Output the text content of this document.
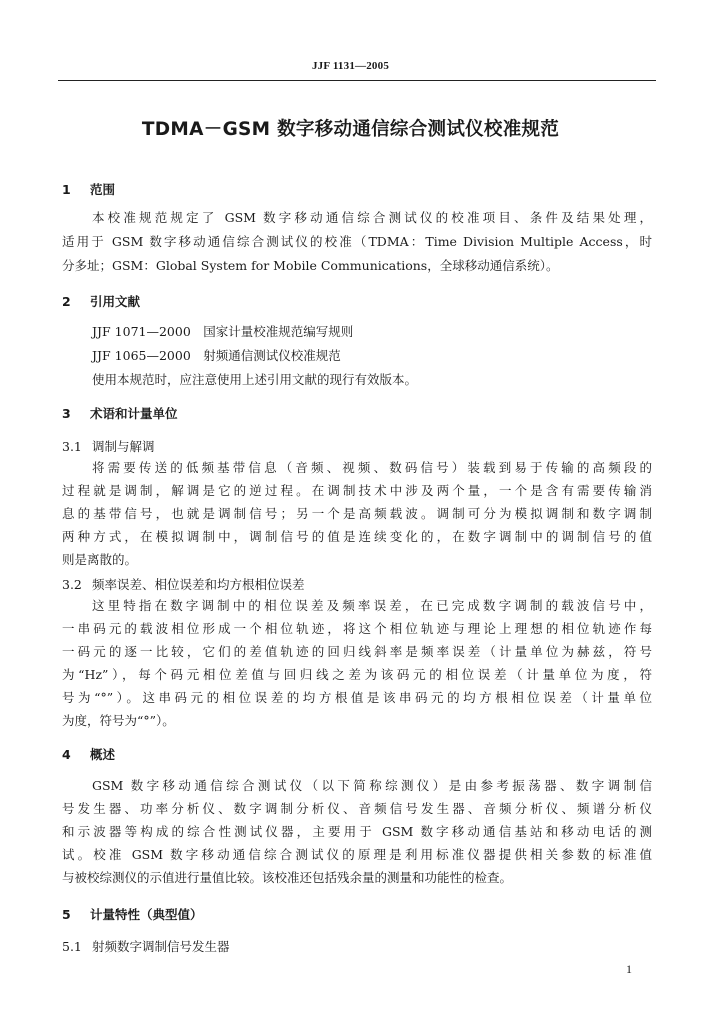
JJF 1131—2005
TDMA－GSM 数字移动通信综合测试仪校准规范
1 范围
本校准规范规定了 GSM 数字移动通信综合测试仪的校准项目、条件及结果处理，
适用于 GSM 数字移动通信综合测试仪的校准（TDMA：Time Division Multiple Access，时
分多址；GSM：Global System for Mobile Communications，全球移动通信系统）。
2 引用文献
JJF 1071—2000　国家计量校准规范编写规则
JJF 1065—2000　射频通信测试仪校准规范
使用本规范时，应注意使用上述引用文献的现行有效版本。
3 术语和计量单位
3.1 调制与解调
将需要传送的低频基带信息（音频、视频、数码信号）装载到易于传输的高频段的
过程就是调制，解调是它的逆过程。在调制技术中涉及两个量，一个是含有需要传输消
息的基带信号，也就是调制信号；另一个是高频载波。调制可分为模拟调制和数字调制
两种方式，在模拟调制中，调制信号的值是连续变化的，在数字调制中的调制信号的值
则是离散的。
3.2 频率误差、相位误差和均方根相位误差
这里特指在数字调制中的相位误差及频率误差，在已完成数字调制的载波信号中，
一串码元的载波相位形成一个相位轨迹，将这个相位轨迹与理论上理想的相位轨迹作每
一码元的逐一比较，它们的差值轨迹的回归线斜率是频率误差（计量单位为赫兹，符号
为“Hz”），每个码元相位差值与回归线之差为该码元的相位误差（计量单位为度，符
号为“°”）。这串码元的相位误差的均方根值是该串码元的均方根相位误差（计量单位
为度，符号为“°”）。
4 概述
GSM 数字移动通信综合测试仪（以下简称综测仪）是由参考振荡器、数字调制信
号发生器、功率分析仪、数字调制分析仪、音频信号发生器、音频分析仪、频谱分析仪
和示波器等构成的综合性测试仪器，主要用于 GSM 数字移动通信基站和移动电话的测
试。校准 GSM 数字移动通信综合测试仪的原理是利用标准仪器提供相关参数的标准值
与被校综测仪的示值进行量值比较。该校准还包括残余量的测量和功能性的检查。
5 计量特性（典型值）
5.1 射频数字调制信号发生器
1
